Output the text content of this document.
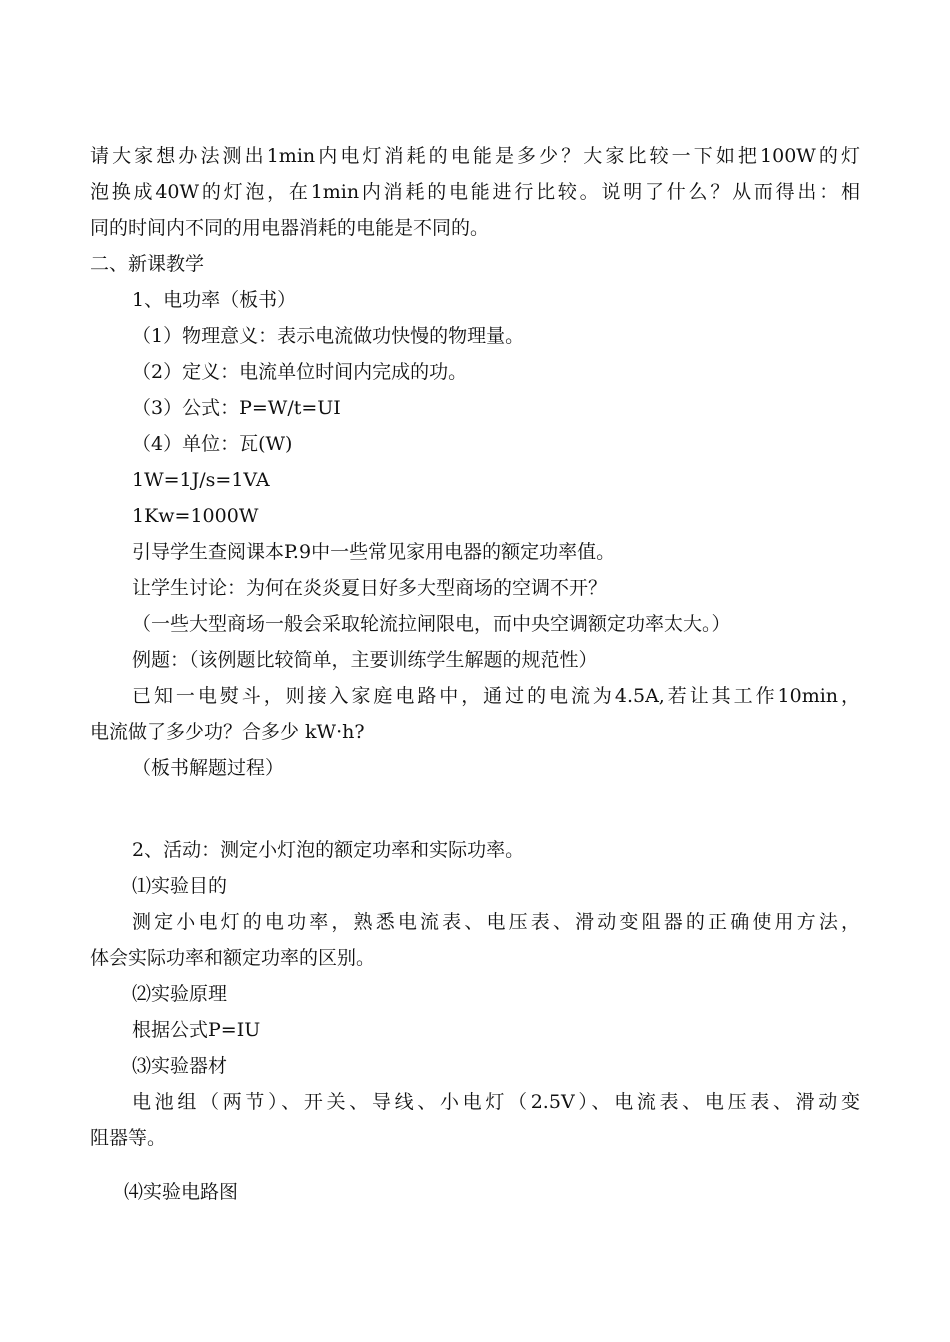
请大家想办法测出1min内电灯消耗的电能是多少？大家比较一下如把100W的灯
泡换成40W的灯泡，在1min内消耗的电能进行比较。说明了什么？从而得出：相
同的时间内不同的用电器消耗的电能是不同的。
二、新课教学
1、电功率（板书）
（1）物理意义：表示电流做功快慢的物理量。
（2）定义：电流单位时间内完成的功。
（3）公式：P=W/t=UI
（4）单位：瓦(W)
1W=1J/s=1VA
1Kw=1000W
引导学生查阅课本P.9中一些常见家用电器的额定功率值。
让学生讨论：为何在炎炎夏日好多大型商场的空调不开？
（一些大型商场一般会采取轮流拉闸限电，而中央空调额定功率太大。）
例题：（该例题比较简单，主要训练学生解题的规范性）
已知一电熨斗，则接入家庭电路中，通过的电流为4.5A,若让其工作10min，
电流做了多少功？合多少 kW·h?
（板书解题过程）
2、活动：测定小灯泡的额定功率和实际功率。
⑴实验目的
测定小电灯的电功率，熟悉电流表、电压表、滑动变阻器的正确使用方法，
体会实际功率和额定功率的区别。
⑵实验原理
根据公式P=IU
⑶实验器材
电池组（两节）、开关、导线、小电灯（2.5V）、电流表、电压表、滑动变
阻器等。
⑷实验电路图
